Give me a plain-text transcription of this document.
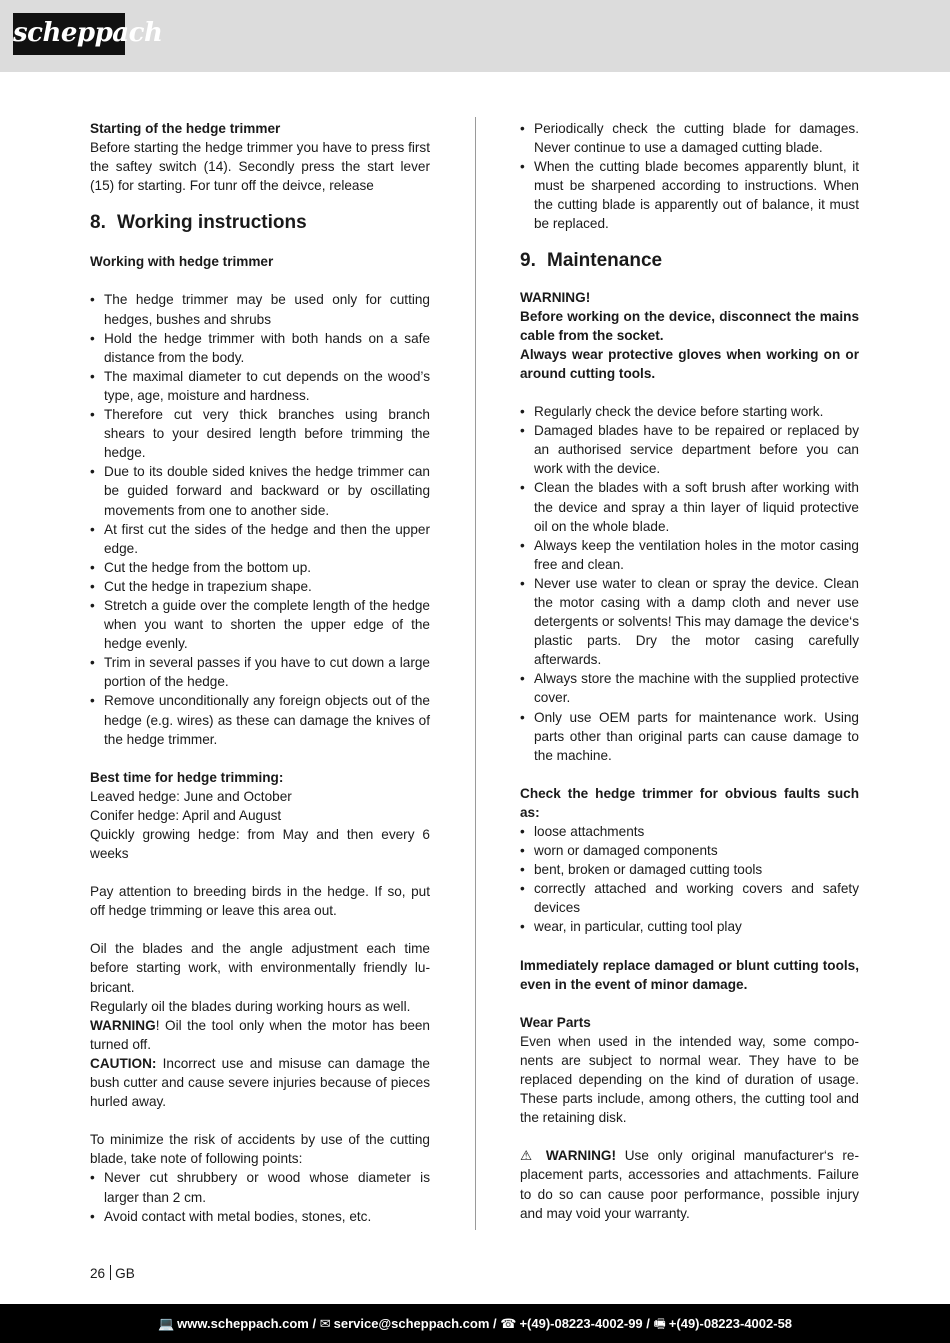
scheppach

Starting of the hedge trimmer

Before starting the hedge trimmer you have to press first the saftey switch (14). Secondly press the start lever (15) for starting. For tunr off the deivce, release

8. Working instructions

Working with hedge trimmer

• The hedge trimmer may be used only for cutting hedges, bushes and shrubs
• Hold the hedge trimmer with both hands on a safe distance from the body.
• The maximal diameter to cut depends on the wood’s type, age, moisture and hardness.
• Therefore cut very thick branches using branch shears to your desired length before trimming the hedge.
• Due to its double sided knives the hedge trimmer can be guided forward and backward or by oscillating movements from one to another side.
• At first cut the sides of the hedge and then the upper edge.
• Cut the hedge from the bottom up.
• Cut the hedge in trapezium shape.
• Stretch a guide over the complete length of the hedge when you want to shorten the upper edge of the hedge evenly.
• Trim in several passes if you have to cut down a large portion of the hedge.
• Remove unconditionally any foreign objects out of the hedge (e.g. wires) as these can damage the knives of the hedge trimmer.

Best time for hedge trimming:

Leaved hedge: June and October

Conifer hedge: April and August

Quickly growing hedge: from May and then every 6 weeks

Pay attention to breeding birds in the hedge. If so, put off hedge trimming or leave this area out.

Oil the blades and the angle adjustment each time before starting work, with environmentally friendly lubricant.

Regularly oil the blades during working hours as well.

WARNING! Oil the tool only when the motor has been turned off.

CAUTION: Incorrect use and misuse can damage the bush cutter and cause severe injuries because of pieces hurled away.

To minimize the risk of accidents by use of the cutting blade, take note of following points:

• Never cut shrubbery or wood whose diameter is larger than 2 cm.
• Avoid contact with metal bodies, stones, etc.
• Periodically check the cutting blade for damages. Never continue to use a damaged cutting blade.
• When the cutting blade becomes apparently blunt, it must be sharpened according to instructions. When the cutting blade is apparently out of balance, it must be replaced.
9. Maintenance

WARNING!

Before working on the device, disconnect the mains cable from the socket.

Always wear protective gloves when working on or around cutting tools.

• Regularly check the device before starting work.
• Damaged blades have to be repaired or replaced by an authorised service department before you can work with the device.
• Clean the blades with a soft brush after working with the device and spray a thin layer of liquid protective oil on the whole blade.
• Always keep the ventilation holes in the motor casing free and clean.
• Never use water to clean or spray the device. Clean the motor casing with a damp cloth and never use detergents or solvents! This may damage the device‘s plastic parts. Dry the motor casing carefully afterwards.
• Always store the machine with the supplied protective cover.
• Only use OEM parts for maintenance work. Using parts other than original parts can cause damage to the machine.

Check the hedge trimmer for obvious faults such as:

• loose attachments
• worn or damaged components
• bent, broken or damaged cutting tools
• correctly attached and working covers and safety devices
• wear, in particular, cutting tool play

Immediately replace damaged or blunt cutting tools, even in the event of minor damage.

Wear Parts

Even when used in the intended way, some components are subject to normal wear. They have to be replaced depending on the kind of duration of usage. These parts include, among others, the cutting tool and the retaining disk.

⚠ WARNING! Use only original manufacturer‘s replacement parts, accessories and attachments. Failure to do so can cause poor performance, possible injury and may void your warranty.

26 GB
💻 www.scheppach.com / ✉ service@scheppach.com / ☎ +(49)-08223-4002-99 / 🖷 +(49)-08223-4002-58
